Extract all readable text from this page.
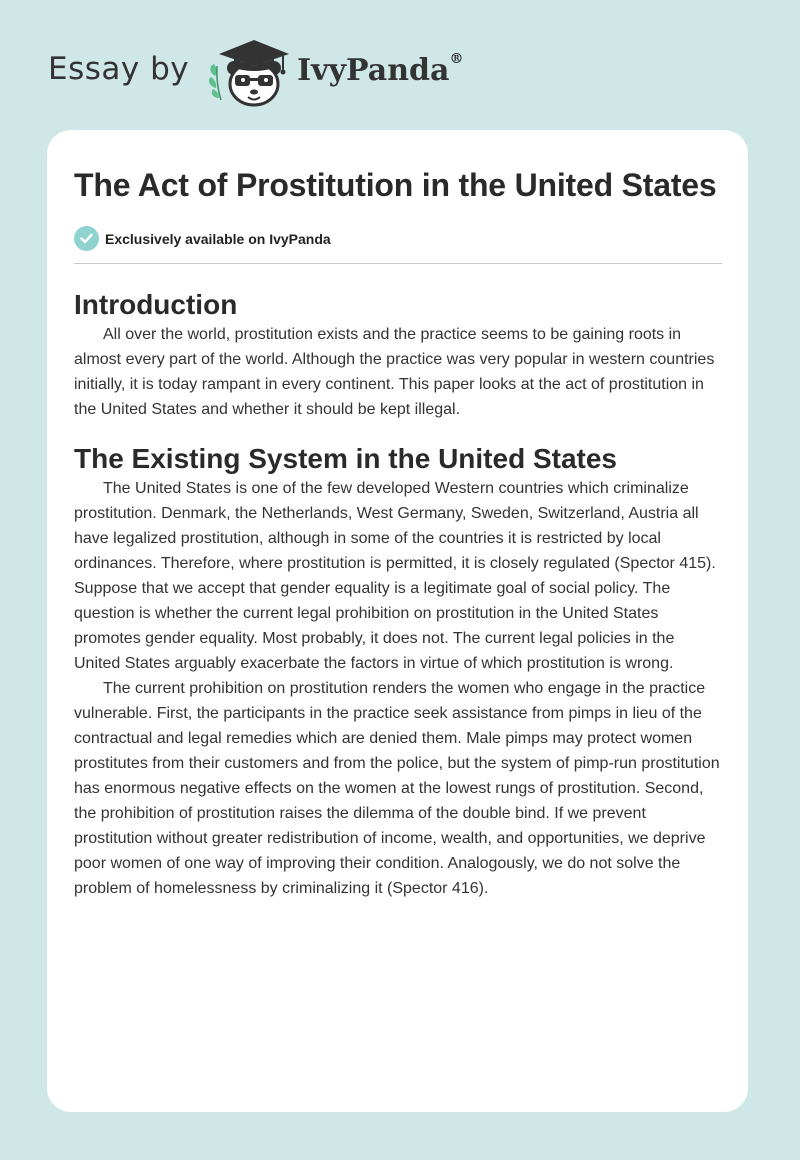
Essay by	IvyPanda®
The Act of Prostitution in the United States
Exclusively available on IvyPanda
Introduction

All over the world, prostitution exists and the practice seems to be gaining roots in almost every part of the world. Although the practice was very popular in western countries initially, it is today rampant in every continent. This paper looks at the act of prostitution in the United States and whether it should be kept illegal.

The Existing System in the United States

The United States is one of the few developed Western countries which criminalize prostitution. Denmark, the Netherlands, West Germany, Sweden, Switzerland, Austria all have legalized prostitution, although in some of the countries it is restricted by local ordinances. Therefore, where prostitution is permitted, it is closely regulated (Spector 415). Suppose that we accept that gender equality is a legitimate goal of social policy. The question is whether the current legal prohibition on prostitution in the United States promotes gender equality. Most probably, it does not. The current legal policies in the United States arguably exacerbate the factors in virtue of which prostitution is wrong.

The current prohibition on prostitution renders the women who engage in the practice vulnerable. First, the participants in the practice seek assistance from pimps in lieu of the contractual and legal remedies which are denied them. Male pimps may protect women prostitutes from their customers and from the police, but the system of pimp-run prostitution has enormous negative effects on the women at the lowest rungs of prostitution. Second, the prohibition of prostitution raises the dilemma of the double bind. If we prevent prostitution without greater redistribution of income, wealth, and opportunities, we deprive poor women of one way of improving their condition. Analogously, we do not solve the problem of homelessness by criminalizing it (Spector 416).
